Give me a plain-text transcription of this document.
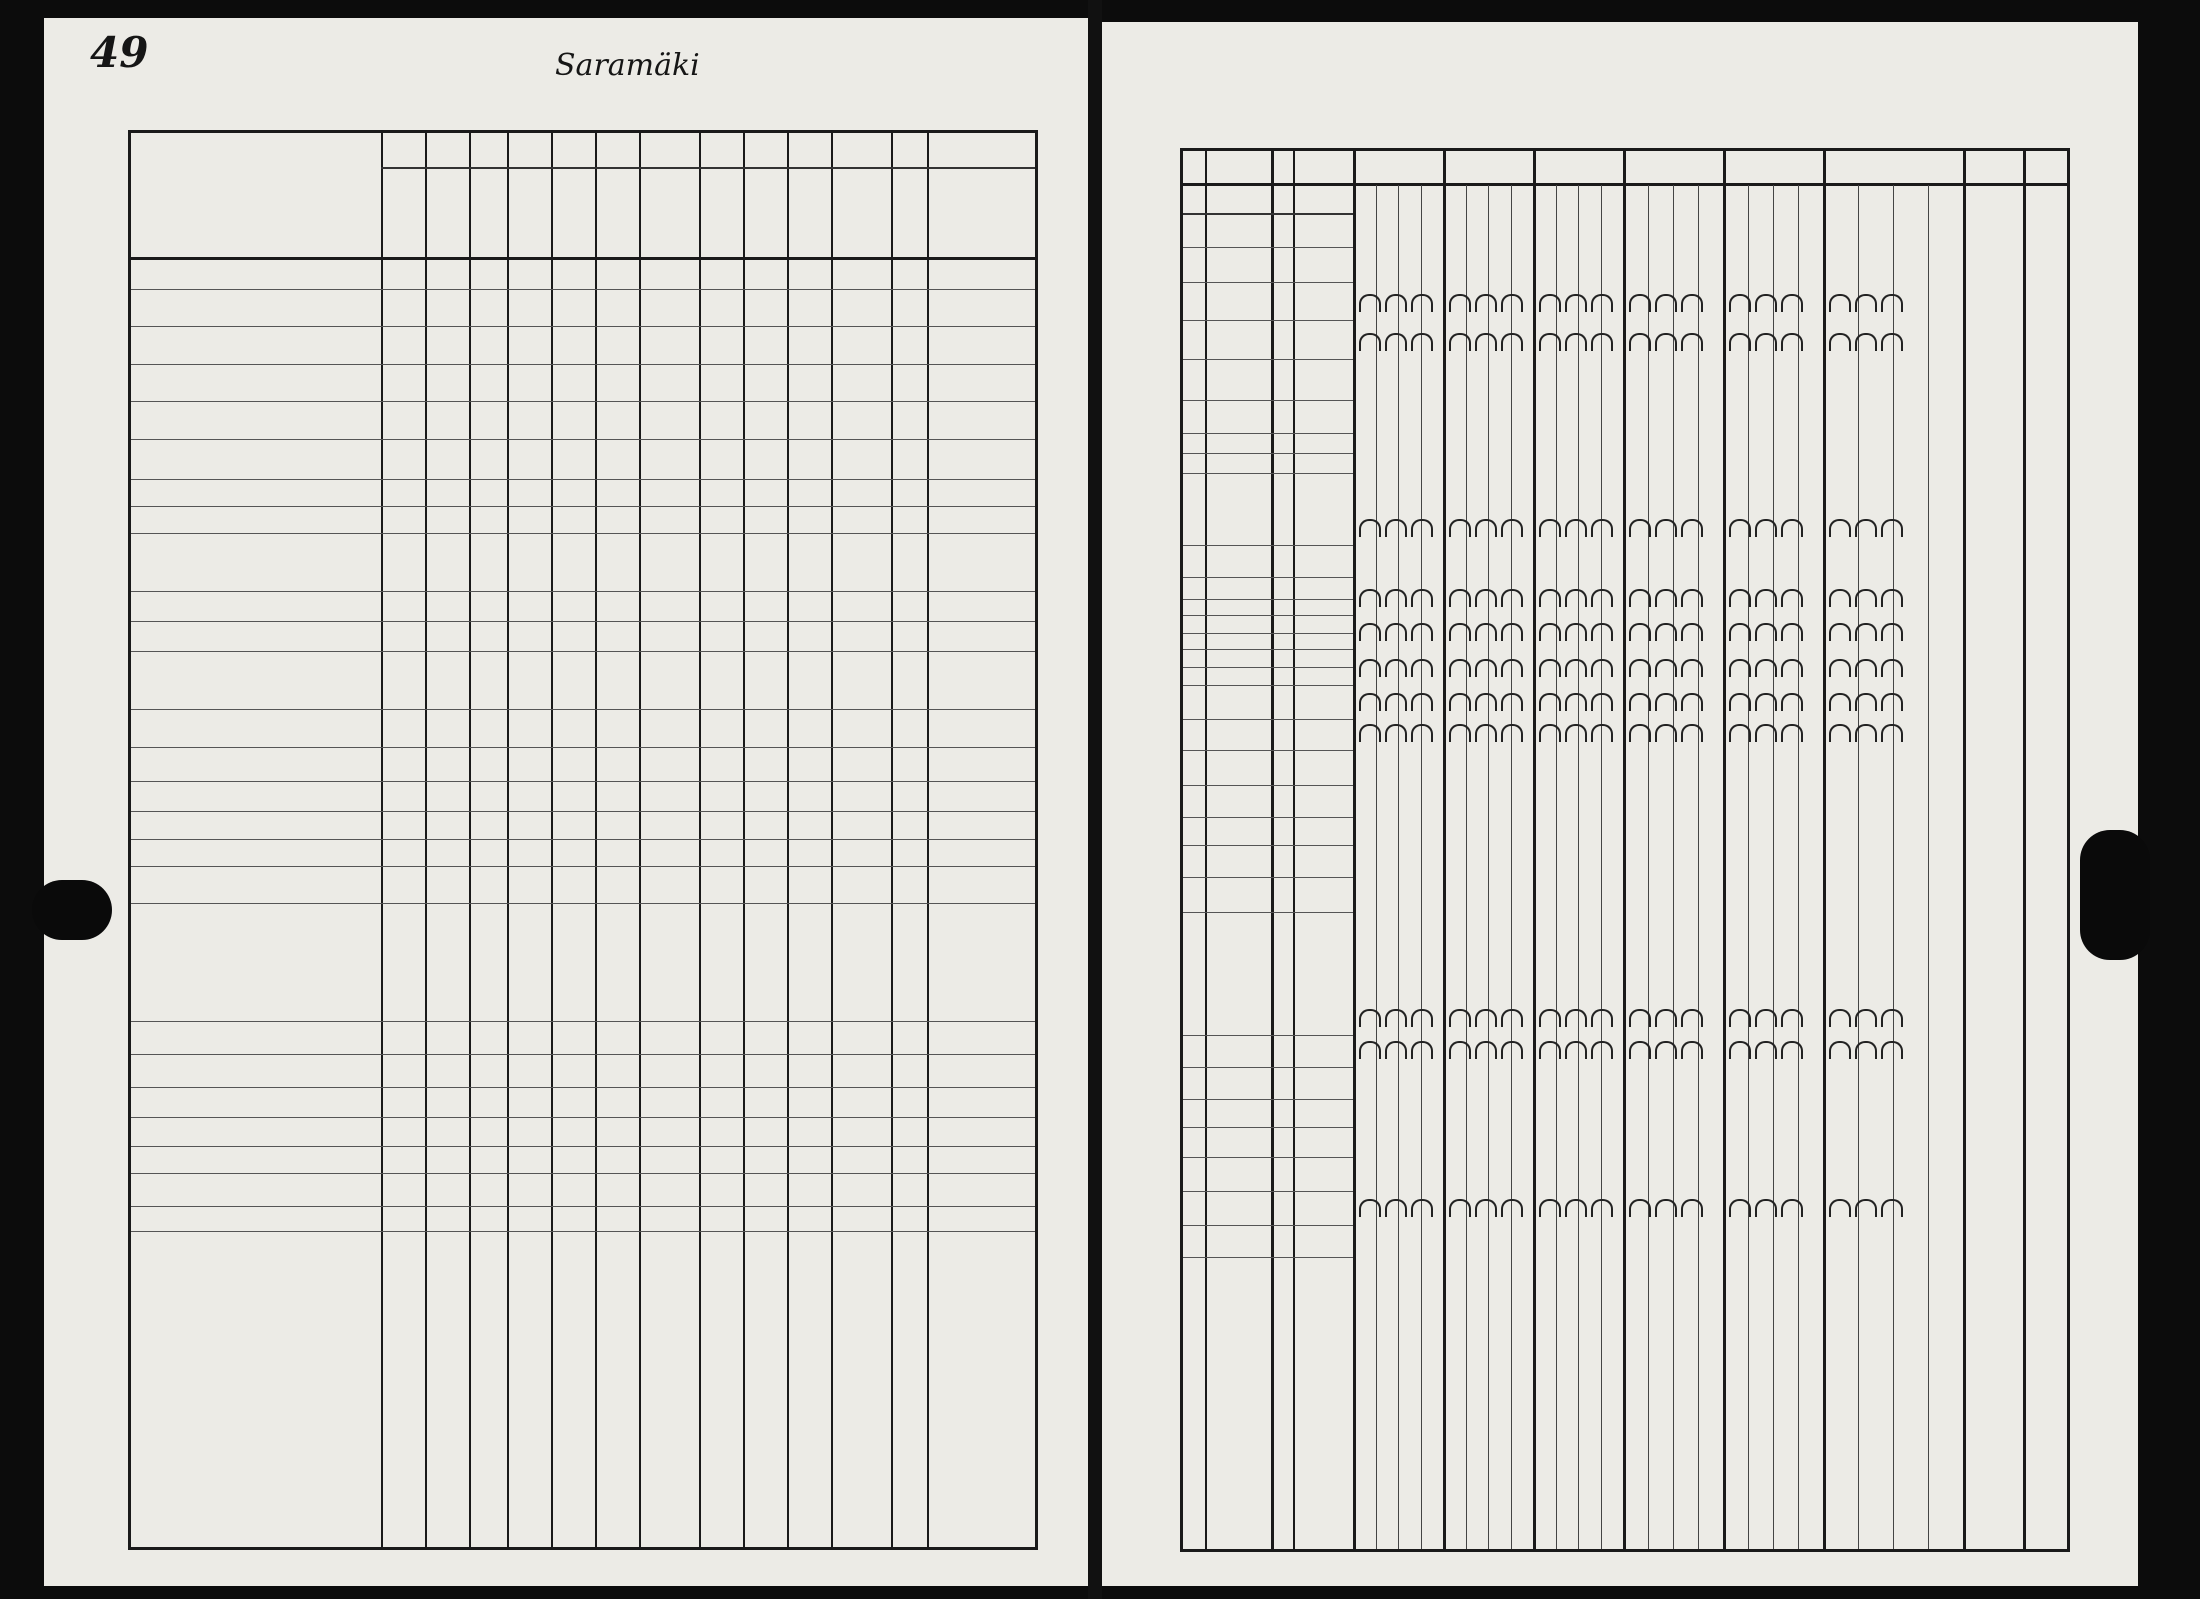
49	Saramäki
